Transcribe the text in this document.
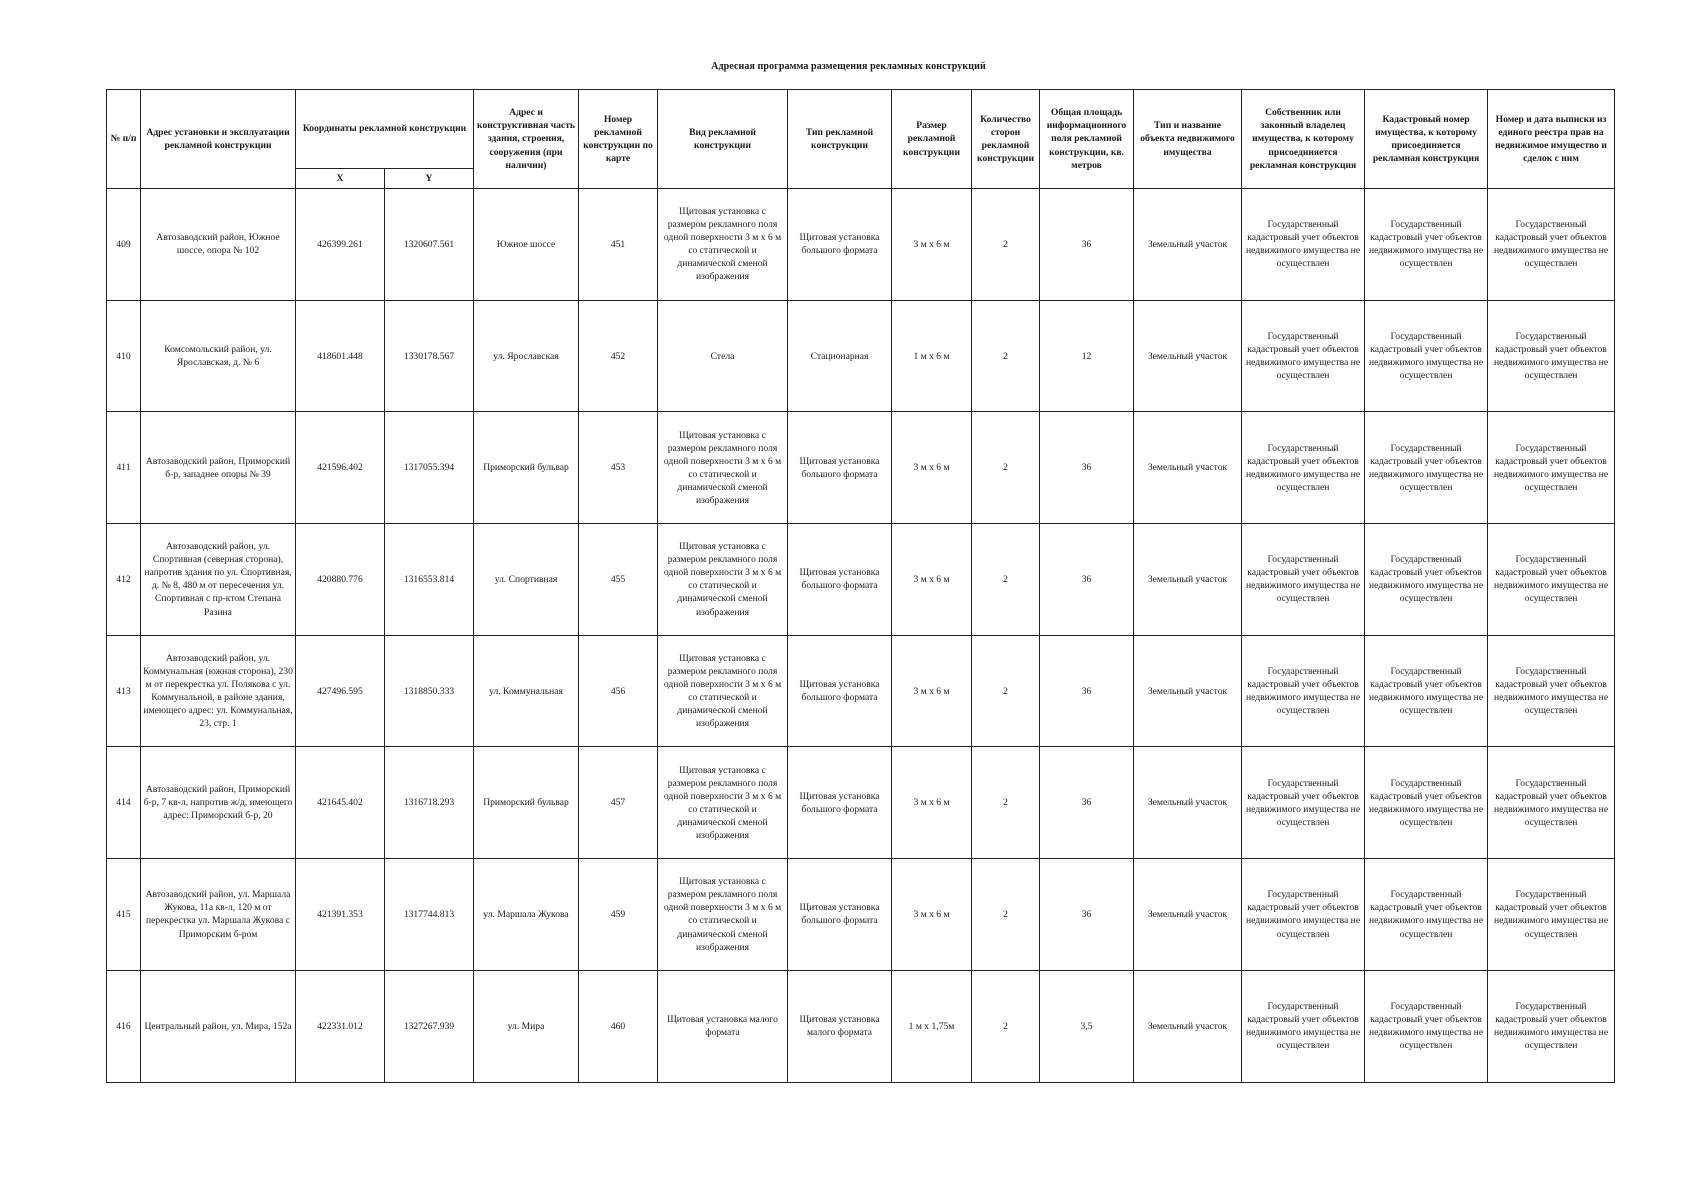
Адресная программа размещения рекламных конструкций
№ п/п	Адрес установки и эксплуатации рекламной конструкции	Координаты рекламной конструкции		Адрес и конструктивная часть здания, строения, сооружения (при наличии)	Номер рекламной конструкции по карте	Вид рекламной конструкции	Тип рекламной конструкции	Размер рекламной конструкции	Количество сторон рекламной конструкции	Общая площадь информационного поля рекламной конструкции, кв. метров	Тип и название объекта недвижимого имущества	Собственник или законный владелец имущества, к которому присоединяется рекламная конструкция	Кадастровый номер имущества, к которому присоединяется рекламная конструкция	Номер и дата выписки из единого реестра прав на недвижимое имущество и сделок с ним
		X	Y											
409	Автозаводский район, Южное шоссе, опора № 102	426399.261	1320607.561	Южное шоссе	451	Щитовая установка с размером рекламного поля одной поверхности 3 м х 6 м со статической и динамической сменой изображения	Щитовая установка большого формата	3 м х 6 м	2	36	Земельный участок	Государственный кадастровый учет объектов недвижимого имущества не осуществлен	Государственный кадастровый учет объектов недвижимого имущества не осуществлен	Государственный кадастровый учет объектов недвижимого имущества не осуществлен
410	Комсомольский район, ул. Ярославская, д. № 6	418601.448	1330178.567	ул. Ярославская	452	Стела	Стационарная	1 м х 6 м	2	12	Земельный участок	Государственный кадастровый учет объектов недвижимого имущества не осуществлен	Государственный кадастровый учет объектов недвижимого имущества не осуществлен	Государственный кадастровый учет объектов недвижимого имущества не осуществлен
411	Автозаводский район, Приморский б-р, западнее опоры № 39	421596.402	1317055.394	Приморский бульвар	453	Щитовая установка с размером рекламного поля одной поверхности 3 м х 6 м со статической и динамической сменой изображения	Щитовая установка большого формата	3 м х 6 м	2	36	Земельный участок	Государственный кадастровый учет объектов недвижимого имущества не осуществлен	Государственный кадастровый учет объектов недвижимого имущества не осуществлен	Государственный кадастровый учет объектов недвижимого имущества не осуществлен
412	Автозаводский район, ул. Спортивная (северная сторона), напротив здания по ул. Спортивная, д. № 8, 480 м от пересечения ул. Спортивная с пр-ктом Степана Разина	420880.776	1316553.814	ул. Спортивная	455	Щитовая установка с размером рекламного поля одной поверхности 3 м х 6 м со статической и динамической сменой изображения	Щитовая установка большого формата	3 м х 6 м	2	36	Земельный участок	Государственный кадастровый учет объектов недвижимого имущества не осуществлен	Государственный кадастровый учет объектов недвижимого имущества не осуществлен	Государственный кадастровый учет объектов недвижимого имущества не осуществлен
413	Автозаводский район, ул. Коммунальная (южная сторона), 230 м от перекрестка ул. Полякова с ул. Коммунальной, в районе здания, имеющего адрес: ул. Коммунальная, 23, стр. 1	427496.595	1318850.333	ул. Коммунальная	456	Щитовая установка с размером рекламного поля одной поверхности 3 м х 6 м со статической и динамической сменой изображения	Щитовая установка большого формата	3 м х 6 м	2	36	Земельный участок	Государственный кадастровый учет объектов недвижимого имущества не осуществлен	Государственный кадастровый учет объектов недвижимого имущества не осуществлен	Государственный кадастровый учет объектов недвижимого имущества не осуществлен
414	Автозаводский район, Приморский б-р, 7 кв-л, напротив ж/д, имеющего адрес: Приморский б-р, 20	421645.402	1316718.293	Приморский бульвар	457	Щитовая установка с размером рекламного поля одной поверхности 3 м х 6 м со статической и динамической сменой изображения	Щитовая установка большого формата	3 м х 6 м	2	36	Земельный участок	Государственный кадастровый учет объектов недвижимого имущества не осуществлен	Государственный кадастровый учет объектов недвижимого имущества не осуществлен	Государственный кадастровый учет объектов недвижимого имущества не осуществлен
415	Автозаводский район, ул. Маршала Жукова, 11а кв-л, 120 м от перекрестка ул. Маршала Жукова с Приморским б-ром	421391.353	1317744.813	ул. Маршала Жукова	459	Щитовая установка с размером рекламного поля одной поверхности 3 м х 6 м со статической и динамической сменой изображения	Щитовая установка большого формата	3 м х 6 м	2	36	Земельный участок	Государственный кадастровый учет объектов недвижимого имущества не осуществлен	Государственный кадастровый учет объектов недвижимого имущества не осуществлен	Государственный кадастровый учет объектов недвижимого имущества не осуществлен
416	Центральный район, ул. Мира, 152а	422331.012	1327267.939	ул. Мира	460	Щитовая установка малого формата	Щитовая установка малого формата	1 м х 1,75м	2	3,5	Земельный участок	Государственный кадастровый учет объектов недвижимого имущества не осуществлен	Государственный кадастровый учет объектов недвижимого имущества не осуществлен	Государственный кадастровый учет объектов недвижимого имущества не осуществлен
